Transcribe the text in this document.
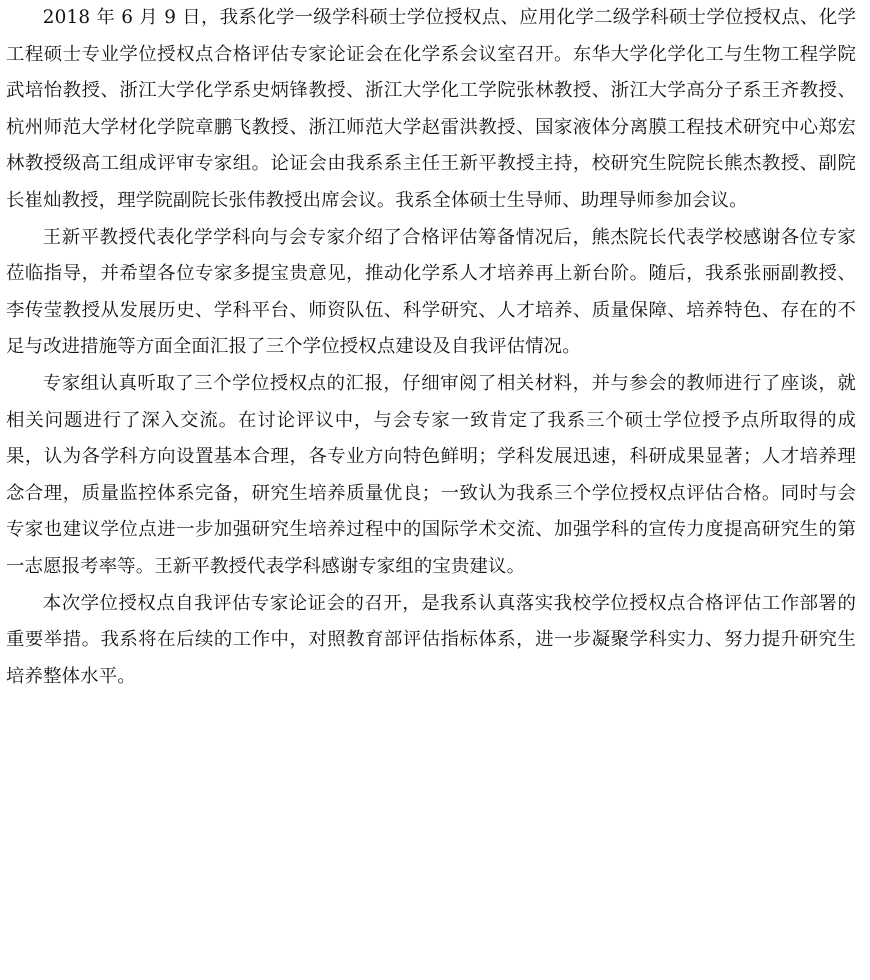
2018 年 6 月 9 日，我系化学一级学科硕士学位授权点、应用化学二级学科硕士学位授权点、化学工程硕士专业学位授权点合格评估专家论证会在化学系会议室召开。东华大学化学化工与生物工程学院武培怡教授、浙江大学化学系史炳锋教授、浙江大学化工学院张林教授、浙江大学高分子系王齐教授、杭州师范大学材化学院章鹏飞教授、浙江师范大学赵雷洪教授、国家液体分离膜工程技术研究中心郑宏林教授级高工组成评审专家组。论证会由我系系主任王新平教授主持，校研究生院院长熊杰教授、副院长崔灿教授，理学院副院长张伟教授出席会议。我系全体硕士生导师、助理导师参加会议。

王新平教授代表化学学科向与会专家介绍了合格评估筹备情况后，熊杰院长代表学校感谢各位专家莅临指导，并希望各位专家多提宝贵意见，推动化学系人才培养再上新台阶。随后，我系张丽副教授、李传莹教授从发展历史、学科平台、师资队伍、科学研究、人才培养、质量保障、培养特色、存在的不足与改进措施等方面全面汇报了三个学位授权点建设及自我评估情况。

专家组认真听取了三个学位授权点的汇报，仔细审阅了相关材料，并与参会的教师进行了座谈，就相关问题进行了深入交流。在讨论评议中，与会专家一致肯定了我系三个硕士学位授予点所取得的成果，认为各学科方向设置基本合理，各专业方向特色鲜明；学科发展迅速，科研成果显著；人才培养理念合理，质量监控体系完备，研究生培养质量优良；一致认为我系三个学位授权点评估合格。同时与会专家也建议学位点进一步加强研究生培养过程中的国际学术交流、加强学科的宣传力度提高研究生的第一志愿报考率等。王新平教授代表学科感谢专家组的宝贵建议。

本次学位授权点自我评估专家论证会的召开，是我系认真落实我校学位授权点合格评估工作部署的重要举措。我系将在后续的工作中，对照教育部评估指标体系，进一步凝聚学科实力、努力提升研究生培养整体水平。
